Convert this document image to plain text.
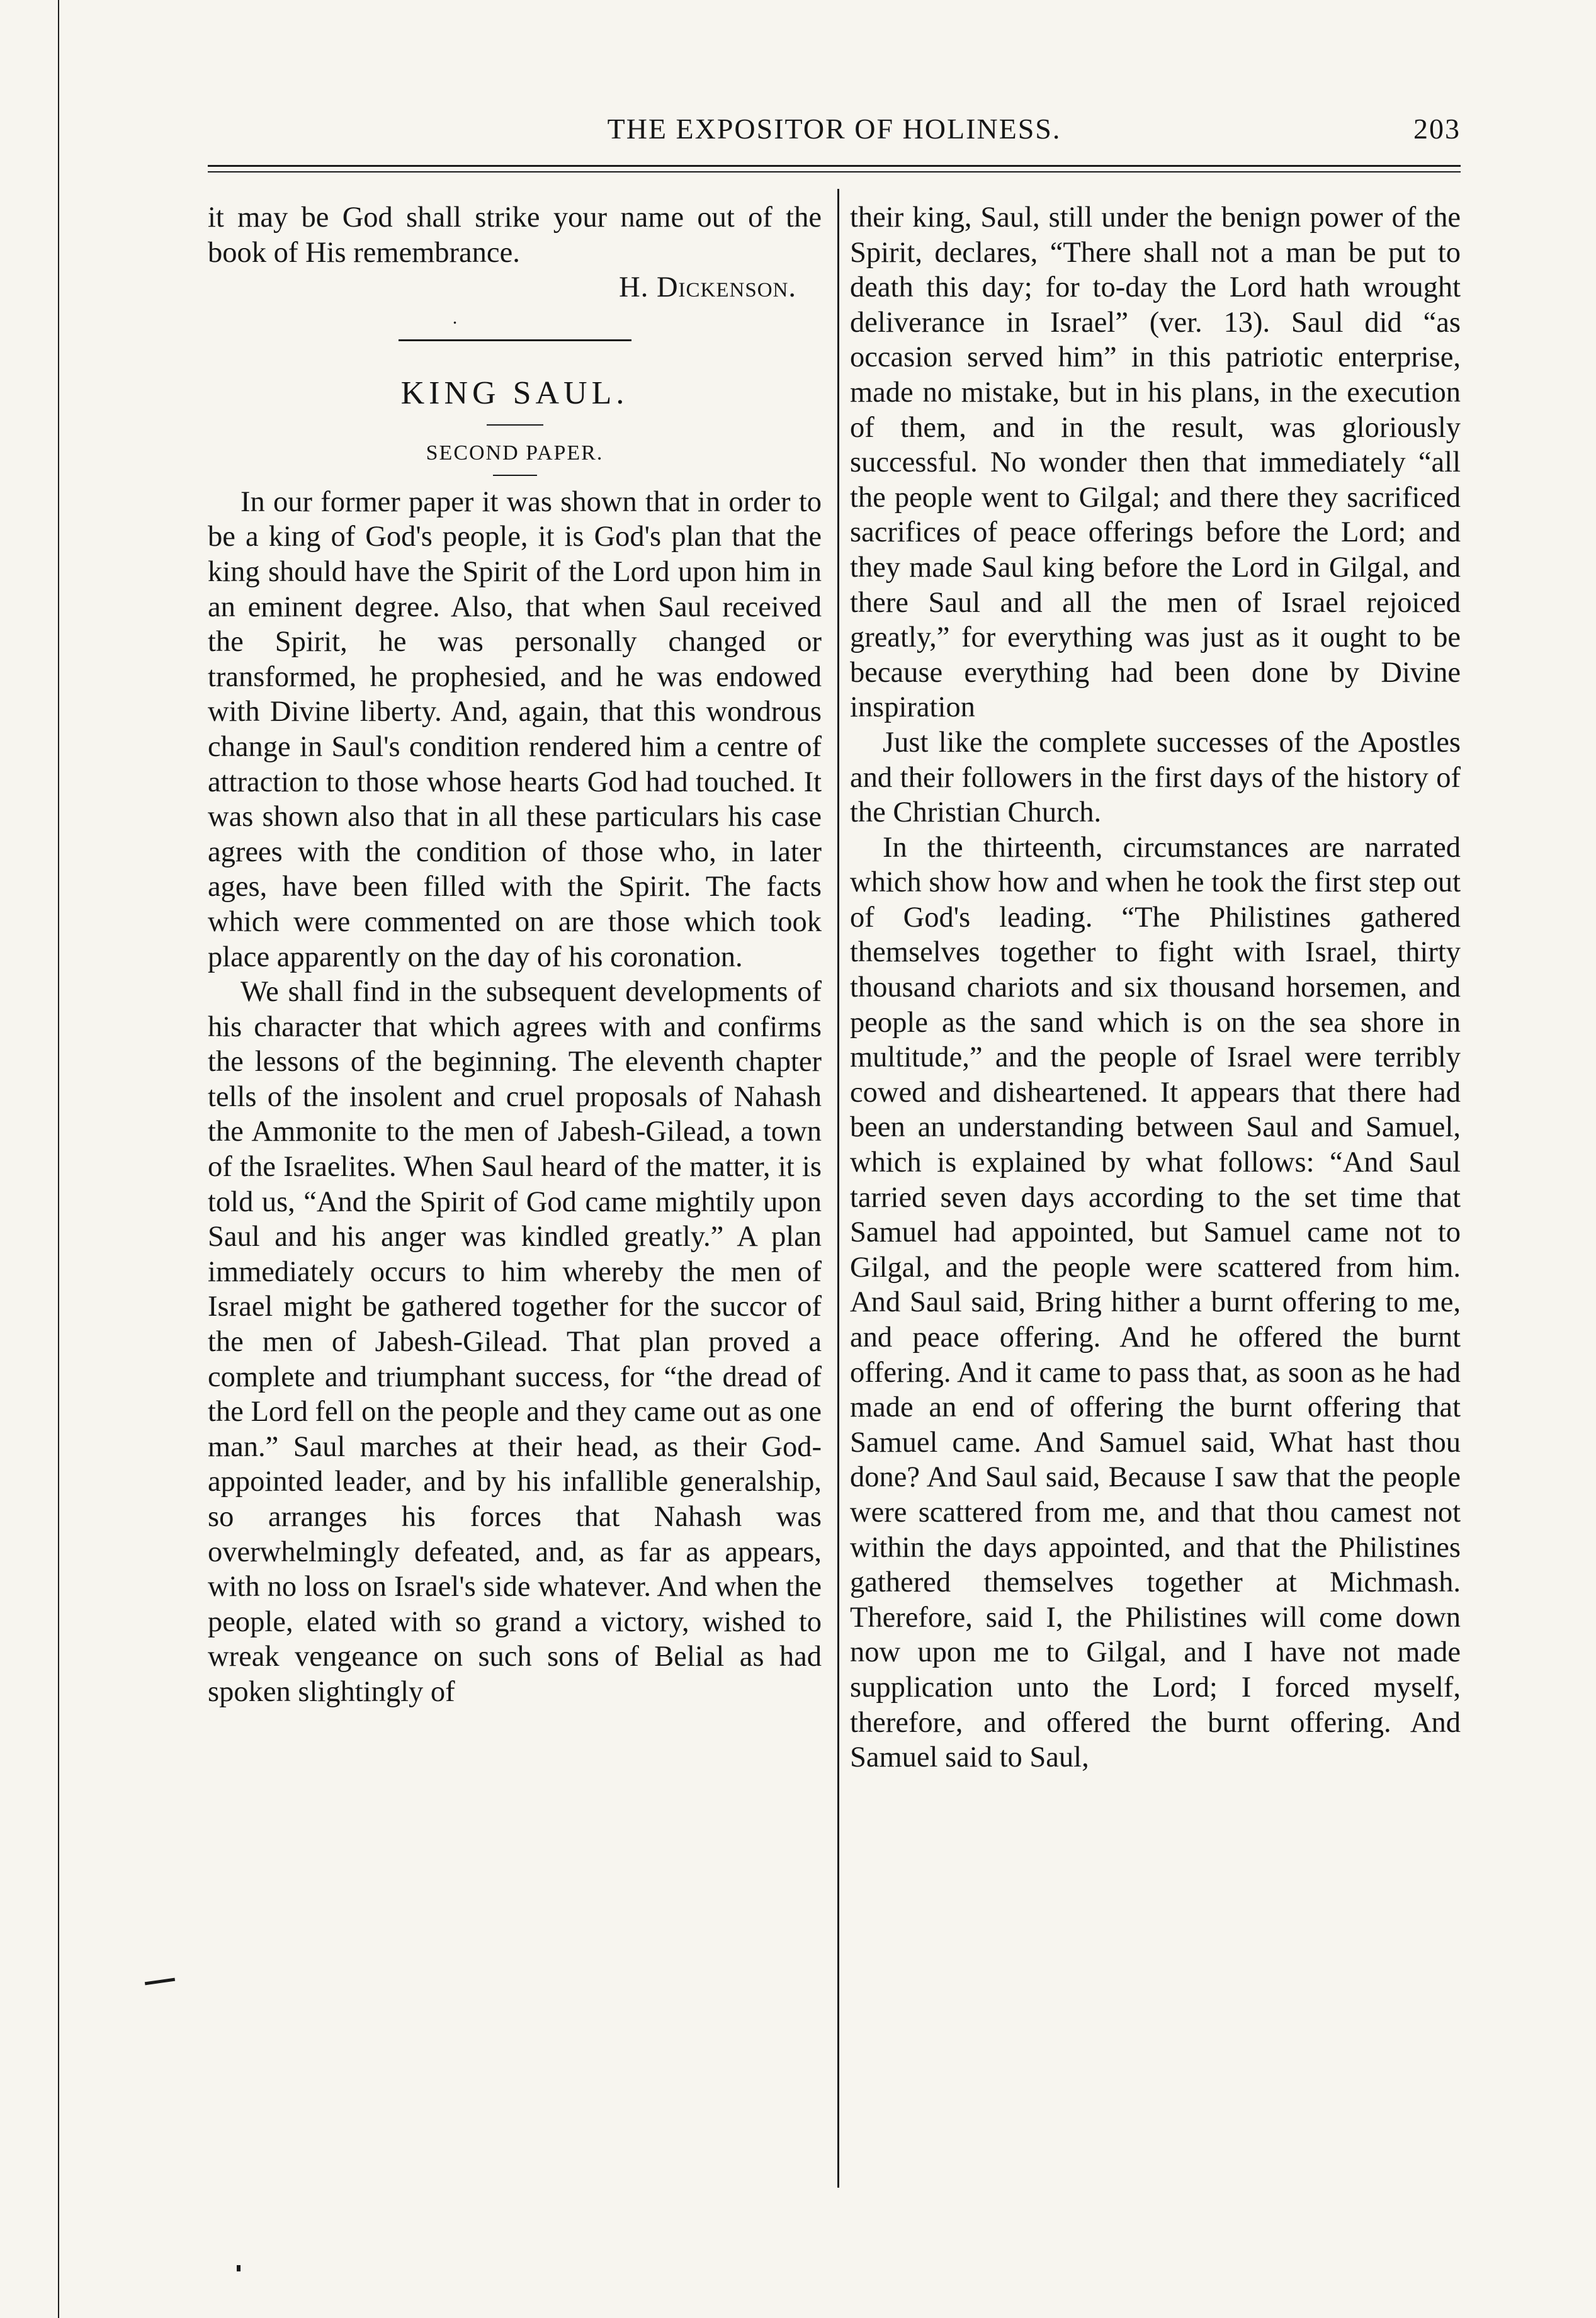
THE EXPOSITOR OF HOLINESS.	203

it may be God shall strike your name out of the book of His remembrance.

H. Dickenson.

.

KING SAUL.

SECOND PAPER.

In our former paper it was shown that in order to be a king of God's people, it is God's plan that the king should have the Spirit of the Lord upon him in an eminent degree. Also, that when Saul received the Spirit, he was personally changed or transformed, he prophesied, and he was endowed with Divine liberty. And, again, that this wondrous change in Saul's condition rendered him a centre of attraction to those whose hearts God had touched. It was shown also that in all these particulars his case agrees with the condition of those who, in later ages, have been filled with the Spirit. The facts which were commented on are those which took place apparently on the day of his coronation.

We shall find in the subsequent developments of his character that which agrees with and confirms the lessons of the beginning. The eleventh chapter tells of the insolent and cruel proposals of Nahash the Ammonite to the men of Jabesh-Gilead, a town of the Israelites. When Saul heard of the matter, it is told us, “And the Spirit of God came mightily upon Saul and his anger was kindled greatly.” A plan immediately occurs to him whereby the men of Israel might be gathered together for the succor of the men of Jabesh-Gilead. That plan proved a complete and triumphant success, for “the dread of the Lord fell on the people and they came out as one man.” Saul marches at their head, as their God-appointed leader, and by his infallible generalship, so arranges his forces that Nahash was overwhelmingly defeated, and, as far as appears, with no loss on Israel's side whatever. And when the people, elated with so grand a victory, wished to wreak vengeance on such sons of Belial as had spoken slightingly of

their king, Saul, still under the benign power of the Spirit, declares, “There shall not a man be put to death this day; for to-day the Lord hath wrought deliverance in Israel” (ver. 13). Saul did “as occasion served him” in this patriotic enterprise, made no mistake, but in his plans, in the execution of them, and in the result, was gloriously successful. No wonder then that immediately “all the people went to Gilgal; and there they sacrificed sacrifices of peace offerings before the Lord; and they made Saul king before the Lord in Gilgal, and there Saul and all the men of Israel rejoiced greatly,” for everything was just as it ought to be because everything had been done by Divine inspiration

Just like the complete successes of the Apostles and their followers in the first days of the history of the Christian Church.

In the thirteenth, circumstances are narrated which show how and when he took the first step out of God's leading. “The Philistines gathered themselves together to fight with Israel, thirty thousand chariots and six thousand horsemen, and people as the sand which is on the sea shore in multitude,” and the people of Israel were terribly cowed and disheartened. It appears that there had been an understanding between Saul and Samuel, which is explained by what follows: “And Saul tarried seven days according to the set time that Samuel had appointed, but Samuel came not to Gilgal, and the people were scattered from him. And Saul said, Bring hither a burnt offering to me, and peace offering. And he offered the burnt offering. And it came to pass that, as soon as he had made an end of offering the burnt offering that Samuel came. And Samuel said, What hast thou done? And Saul said, Because I saw that the people were scattered from me, and that thou camest not within the days appointed, and that the Philistines gathered themselves together at Michmash. Therefore, said I, the Philistines will come down now upon me to Gilgal, and I have not made supplication unto the Lord; I forced myself, therefore, and offered the burnt offering. And Samuel said to Saul,
